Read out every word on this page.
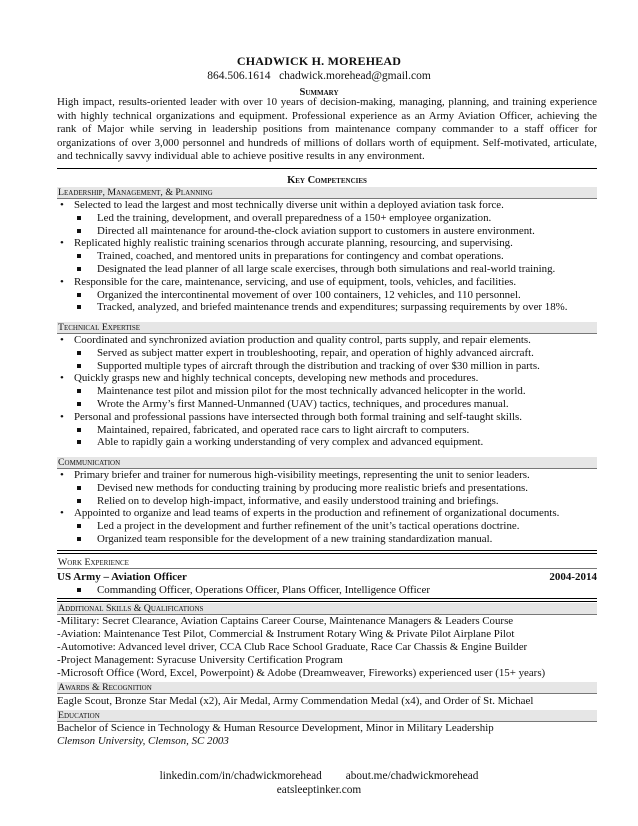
CHADWICK H. MOREHEAD
864.506.1614 chadwick.morehead@gmail.com
Summary
High impact, results-oriented leader with over 10 years of decision-making, managing, planning, and training experience with highly technical organizations and equipment. Professional experience as an Army Aviation Officer, achieving the rank of Major while serving in leadership positions from maintenance company commander to a staff officer for organizations of over 3,000 personnel and hundreds of millions of dollars worth of equipment. Self-motivated, articulate, and technically savvy individual able to achieve positive results in any environment.
Key Competencies
Leadership, Management, & Planning
• Selected to lead the largest and most technically diverse unit within a deployed aviation task force.
Led the training, development, and overall preparedness of a 150+ employee organization.
Directed all maintenance for around-the-clock aviation support to customers in austere environment.
• Replicated highly realistic training scenarios through accurate planning, resourcing, and supervising.
Trained, coached, and mentored units in preparations for contingency and combat operations.
Designated the lead planner of all large scale exercises, through both simulations and real-world training.
• Responsible for the care, maintenance, servicing, and use of equipment, tools, vehicles, and facilities.
Organized the intercontinental movement of over 100 containers, 12 vehicles, and 110 personnel.
Tracked, analyzed, and briefed maintenance trends and expenditures; surpassing requirements by over 18%.
Technical Expertise
• Coordinated and synchronized aviation production and quality control, parts supply, and repair elements.
Served as subject matter expert in troubleshooting, repair, and operation of highly advanced aircraft.
Supported multiple types of aircraft through the distribution and tracking of over $30 million in parts.
• Quickly grasps new and highly technical concepts, developing new methods and procedures.
Maintenance test pilot and mission pilot for the most technically advanced helicopter in the world.
Wrote the Army’s first Manned-Unmanned (UAV) tactics, techniques, and procedures manual.
• Personal and professional passions have intersected through both formal training and self-taught skills.
Maintained, repaired, fabricated, and operated race cars to light aircraft to computers.
Able to rapidly gain a working understanding of very complex and advanced equipment.
Communication
• Primary briefer and trainer for numerous high-visibility meetings, representing the unit to senior leaders.
Devised new methods for conducting training by producing more realistic briefs and presentations.
Relied on to develop high-impact, informative, and easily understood training and briefings.
• Appointed to organize and lead teams of experts in the production and refinement of organizational documents.
Led a project in the development and further refinement of the unit’s tactical operations doctrine.
Organized team responsible for the development of a new training standardization manual.
Work Experience
US Army – Aviation Officer	2004-2014
Commanding Officer, Operations Officer, Plans Officer, Intelligence Officer
Additional Skills & Qualifications
-Military: Secret Clearance, Aviation Captains Career Course, Maintenance Managers & Leaders Course
-Aviation: Maintenance Test Pilot, Commercial & Instrument Rotary Wing & Private Pilot Airplane Pilot
-Automotive: Advanced level driver, CCA Club Race School Graduate, Race Car Chassis & Engine Builder
-Project Management: Syracuse University Certification Program
-Microsoft Office (Word, Excel, Powerpoint) & Adobe (Dreamweaver, Fireworks) experienced user (15+ years)
Awards & Recognition
Eagle Scout, Bronze Star Medal (x2), Air Medal, Army Commendation Medal (x4), and Order of St. Michael
Education
Bachelor of Science in Technology & Human Resource Development, Minor in Military Leadership
Clemson University, Clemson, SC 2003
linkedin.com/in/chadwickmorehead about.me/chadwickmorehead
eatsleeptinker.com
